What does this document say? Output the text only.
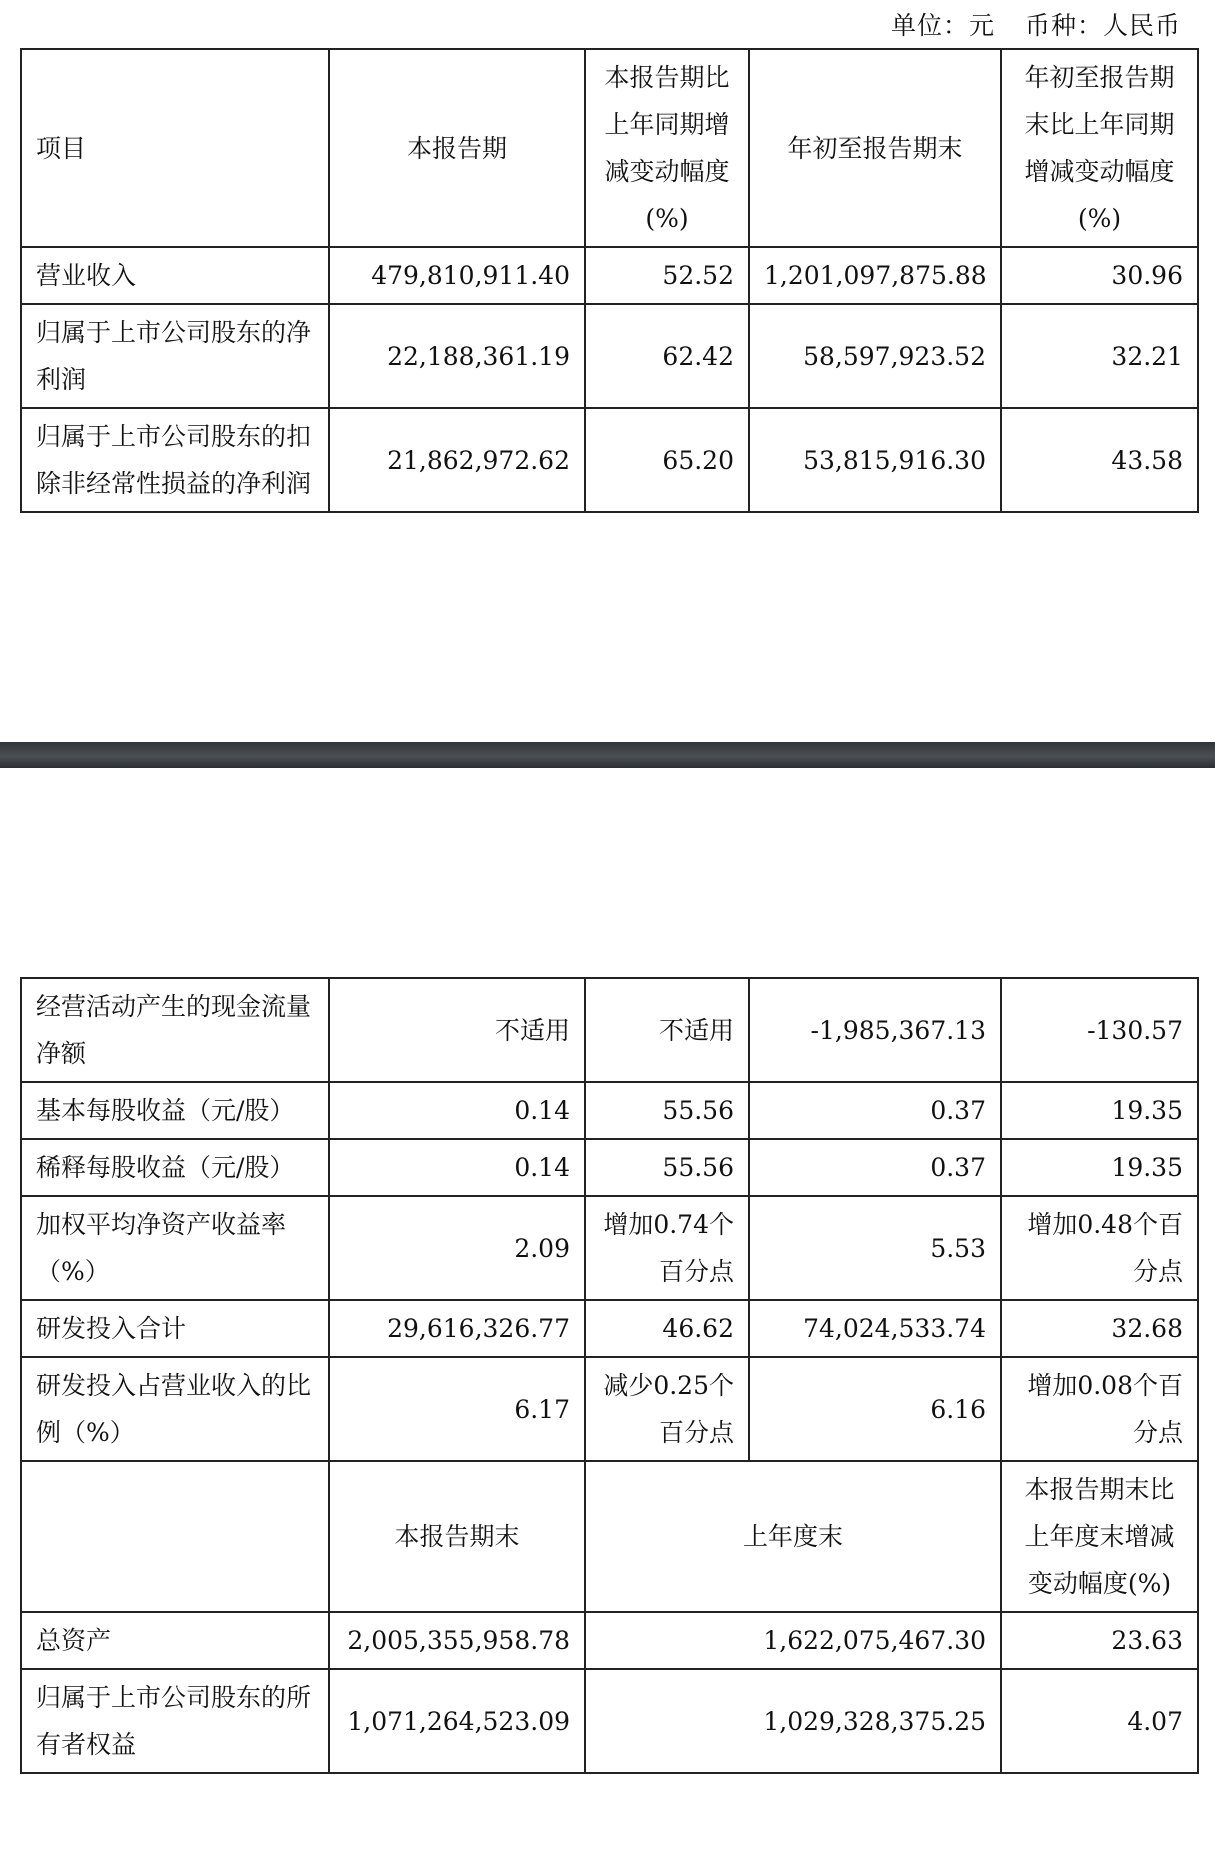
单位：元 币种：人民币
项目	本报告期	本报告期比上年同期增减变动幅度(%)	年初至报告期末	年初至报告期末比上年同期增减变动幅度(%)
营业收入	479,810,911.40	52.52	1,201,097,875.88	30.96
归属于上市公司股东的净利润	22,188,361.19	62.42	58,597,923.52	32.21
归属于上市公司股东的扣除非经常性损益的净利润	21,862,972.62	65.20	53,815,916.30	43.58
经营活动产生的现金流量净额	不适用	不适用	-1,985,367.13	-130.57
基本每股收益（元/股）	0.14	55.56	0.37	19.35
稀释每股收益（元/股）	0.14	55.56	0.37	19.35
加权平均净资产收益率（%）	2.09	增加0.74个百分点	5.53	增加0.48个百分点
研发投入合计	29,616,326.77	46.62	74,024,533.74	32.68
研发投入占营业收入的比例（%）	6.17	减少0.25个百分点	6.16	增加0.08个百分点
	本报告期末	上年度末		本报告期末比上年度末增减变动幅度(%)
总资产	2,005,355,958.78	1,622,075,467.30		23.63
归属于上市公司股东的所有者权益	1,071,264,523.09	1,029,328,375.25		4.07
